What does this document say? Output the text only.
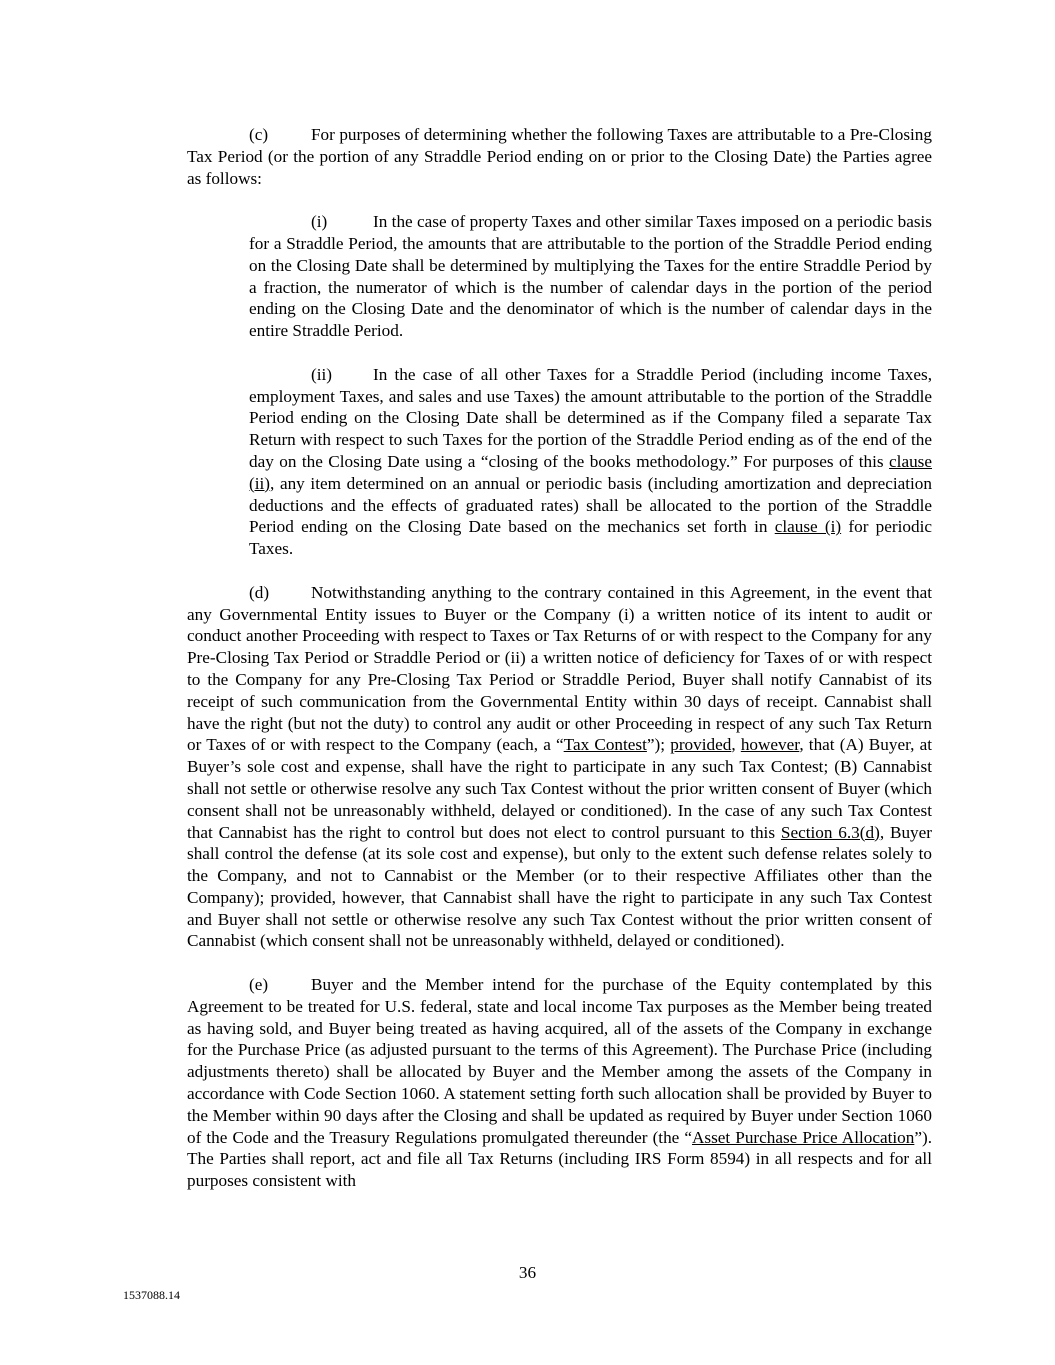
(c) For purposes of determining whether the following Taxes are attributable to a Pre-Closing Tax Period (or the portion of any Straddle Period ending on or prior to the Closing Date) the Parties agree as follows:

(i)	In the case of property Taxes and other similar Taxes imposed on a periodic basis for a Straddle Period, the amounts that are attributable to the portion of the Straddle Period ending on the Closing Date shall be determined by multiplying the Taxes for the entire Straddle Period by a fraction, the numerator of which is the number of calendar days in the portion of the period ending on the Closing Date and the denominator of which is the number of calendar days in the entire Straddle Period.

(ii) In the case of all other Taxes for a Straddle Period (including income Taxes, employment Taxes, and sales and use Taxes) the amount attributable to the portion of the Straddle Period ending on the Closing Date shall be determined as if the Company filed a separate Tax Return with respect to such Taxes for the portion of the Straddle Period ending as of the end of the day on the Closing Date using a “closing of the books methodology.” For purposes of this clause (ii), any item determined on an annual or periodic basis (including amortization and depreciation deductions and the effects of graduated rates) shall be allocated to the portion of the Straddle Period ending on the Closing Date based on the mechanics set forth in clause (i) for periodic Taxes.

(d) Notwithstanding anything to the contrary contained in this Agreement, in the event that any Governmental Entity issues to Buyer or the Company (i) a written notice of its intent to audit or conduct another Proceeding with respect to Taxes or Tax Returns of or with respect to the Company for any Pre-Closing Tax Period or Straddle Period or (ii) a written notice of deficiency for Taxes of or with respect to the Company for any Pre-Closing Tax Period or Straddle Period, Buyer shall notify Cannabist of its receipt of such communication from the Governmental Entity within 30 days of receipt. Cannabist shall have the right (but not the duty) to control any audit or other Proceeding in respect of any such Tax Return or Taxes of or with respect to the Company (each, a “Tax Contest”); provided, however, that (A) Buyer, at Buyer’s sole cost and expense, shall have the right to participate in any such Tax Contest; (B) Cannabist shall not settle or otherwise resolve any such Tax Contest without the prior written consent of Buyer (which consent shall not be unreasonably withheld, delayed or conditioned). In the case of any such Tax Contest that Cannabist has the right to control but does not elect to control pursuant to this Section 6.3(d), Buyer shall control the defense (at its sole cost and expense), but only to the extent such defense relates solely to the Company, and not to Cannabist or the Member (or to their respective Affiliates other than the Company); provided, however, that Cannabist shall have the right to participate in any such Tax Contest and Buyer shall not settle or otherwise resolve any such Tax Contest without the prior written consent of Cannabist (which consent shall not be unreasonably withheld, delayed or conditioned).

(e) Buyer and the Member intend for the purchase of the Equity contemplated by this Agreement to be treated for U.S. federal, state and local income Tax purposes as the Member being treated as having sold, and Buyer being treated as having acquired, all of the assets of the Company in exchange for the Purchase Price (as adjusted pursuant to the terms of this Agreement). The Purchase Price (including adjustments thereto) shall be allocated by Buyer and the Member among the assets of the Company in accordance with Code Section 1060. A statement setting forth such allocation shall be provided by Buyer to the Member within 90 days after the Closing and shall be updated as required by Buyer under Section 1060 of the Code and the Treasury Regulations promulgated thereunder (the “Asset Purchase Price Allocation”). The Parties shall report, act and file all Tax Returns (including IRS Form 8594) in all respects and for all purposes consistent with

36
1537088.14
